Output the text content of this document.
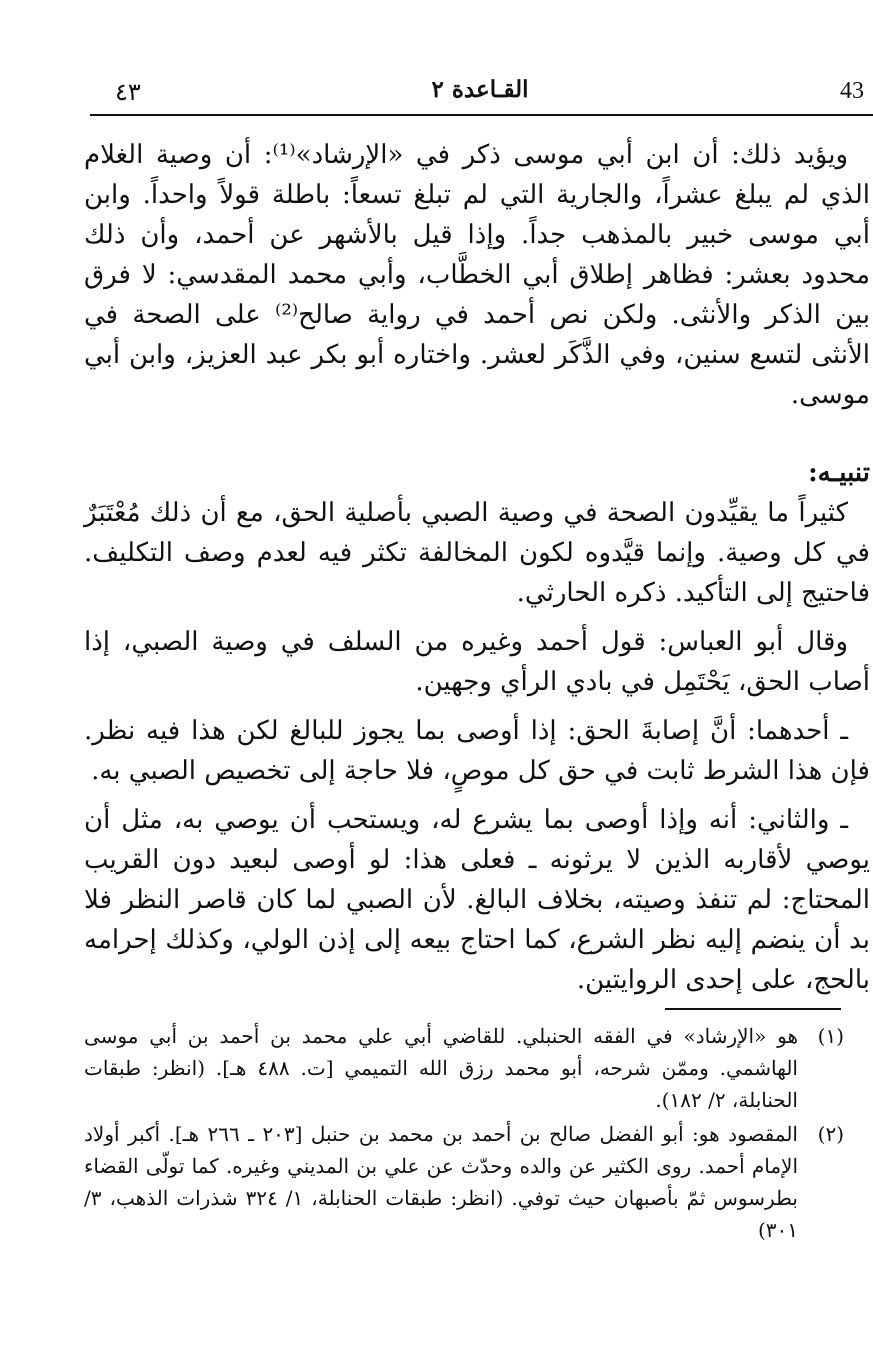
43
القـاعدة ٢
٤٣

ويؤيد ذلك: أن ابن أبي موسى ذكر في «الإرشاد»⁽¹⁾: أن وصية الغلام الذي لم يبلغ عشراً، والجارية التي لم تبلغ تسعاً: باطلة قولاً واحداً. وابن أبي موسى خبير بالمذهب جداً. وإذا قيل بالأشهر عن أحمد، وأن ذلك محدود بعشر: فظاهر إطلاق أبي الخطَّاب، وأبي محمد المقدسي: لا فرق بين الذكر والأنثى. ولكن نص أحمد في رواية صالح⁽²⁾ على الصحة في الأنثى لتسع سنين، وفي الذَّكَر لعشر. واختاره أبو بكر عبد العزيز، وابن أبي موسى.

تنبيـه:

كثيراً ما يقيِّدون الصحة في وصية الصبي بأصلية الحق، مع أن ذلك مُعْتَبَرٌ في كل وصية. وإنما قيَّدوه لكون المخالفة تكثر فيه لعدم وصف التكليف. فاحتيج إلى التأكيد. ذكره الحارثي.

وقال أبو العباس: قول أحمد وغيره من السلف في وصية الصبي، إذا أصاب الحق، يَحْتَمِل في بادي الرأي وجهين.

ـ أحدهما: أنَّ إصابةَ الحق: إذا أوصى بما يجوز للبالغ لكن هذا فيه نظر. فإن هذا الشرط ثابت في حق كل موصٍ، فلا حاجة إلى تخصيص الصبي به.

ـ والثاني: أنه وإذا أوصى بما يشرع له، ويستحب أن يوصي به، مثل أن يوصي لأقاربه الذين لا يرثونه ـ فعلى هذا: لو أوصى لبعيد دون القريب المحتاج: لم تنفذ وصيته، بخلاف البالغ. لأن الصبي لما كان قاصر النظر فلا بد أن ينضم إليه نظر الشرع، كما احتاج بيعه إلى إذن الولي، وكذلك إحرامه بالحج، على إحدى الروايتين.

(١)
هو «الإرشاد» في الفقه الحنبلي. للقاضي أبي علي محمد بن أحمد بن أبي موسى الهاشمي. وممّن شرحه، أبو محمد رزق الله التميمي [ت. ٤٨٨ هـ]. (انظر: طبقات الحنابلة، ٢/ ١٨٢).
(٢)
المقصود هو: أبو الفضل صالح بن أحمد بن محمد بن حنبل [٢٠٣ ـ ٢٦٦ هـ]. أكبر أولاد الإمام أحمد. روى الكثير عن والده وحدّث عن علي بن المديني وغيره. كما تولّى القضاء بطرسوس ثمّ بأصبهان حيث توفي. (انظر: طبقات الحنابلة، ١/ ٣٢٤ شذرات الذهب، ٣/ ٣٠١)
